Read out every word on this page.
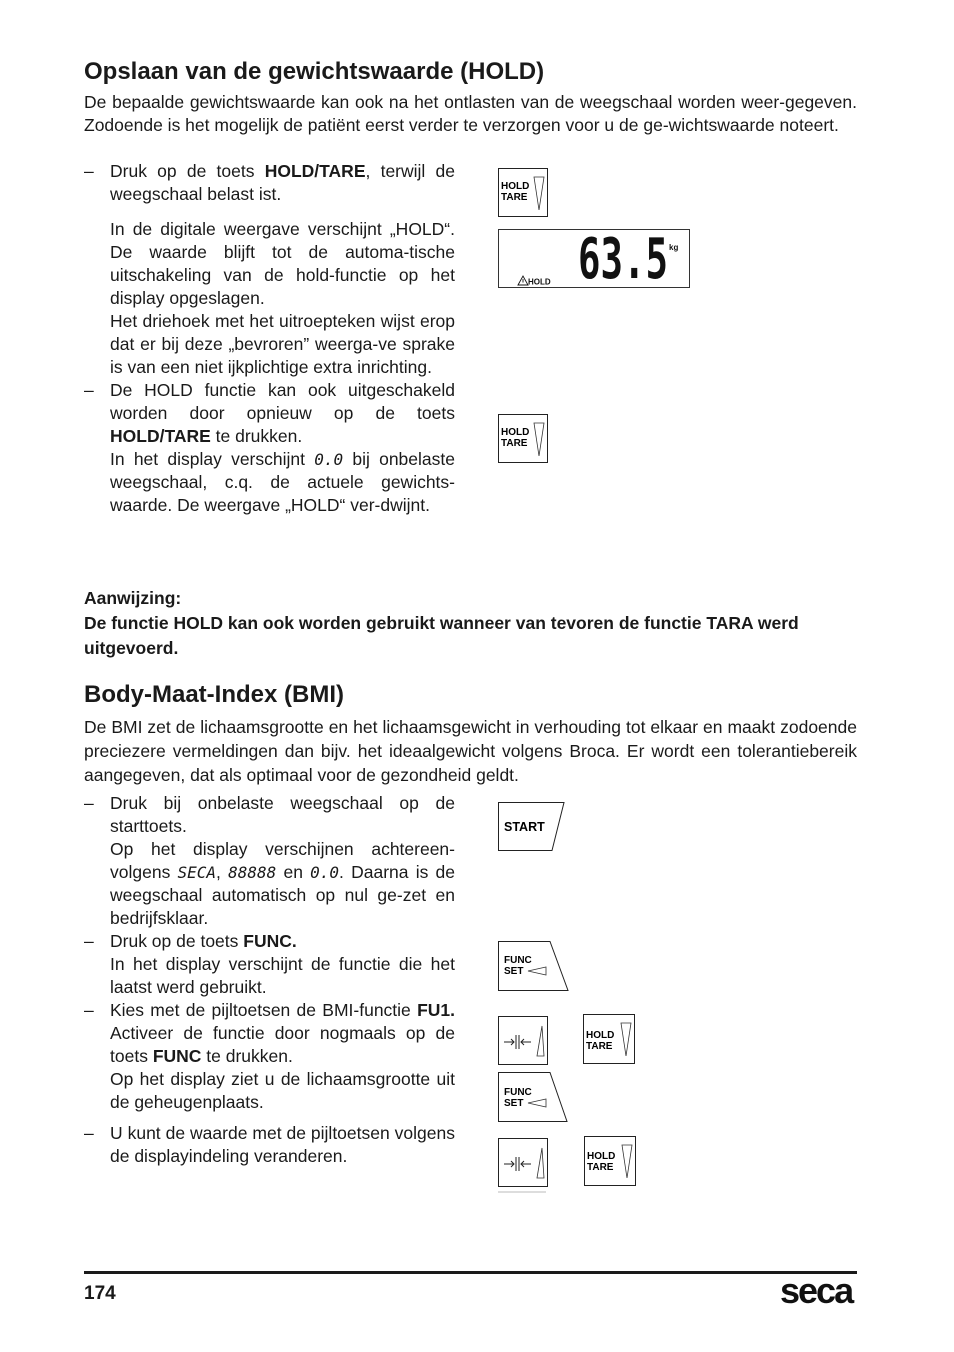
Opslaan van de gewichtswaarde (HOLD)

De bepaalde gewichtswaarde kan ook na het ontlasten van de weegschaal worden weer-gegeven. Zodoende is het mogelijk de patiënt eerst verder te verzorgen voor u de ge-wichtswaarde noteert.

– Druk op de toets HOLD/TARE, terwijl de weegschaal belast ist.

In de digitale weergave verschijnt „HOLD“. De waarde blijft tot de automa-tische uitschakeling van de hold-functie op het display opgeslagen.

Het driehoek met het uitroepteken wijst erop dat er bij deze „bevroren” weerga-ve sprake is van een niet ijkplichtige extra inrichting.

– De HOLD functie kan ook uitgeschakeld worden door opnieuw op de toets HOLD/TARE te drukken.

In het display verschijnt 0.0 bij onbelaste weegschaal, c.q. de actuele gewichts-waarde. De weergave „HOLD“ ver-dwijnt.

HOLD
TARE
63.5 kg
HOLD
HOLD
TARE
Aanwijzing:
De functie HOLD kan ook worden gebruikt wanneer van tevoren de functie TARA werd uitgevoerd.
Body-Maat-Index (BMI)

De BMI zet de lichaamsgrootte en het lichaamsgewicht in verhouding tot elkaar en maakt zodoende preciezere vermeldingen dan bijv. het ideaalgewicht volgens Broca. Er wordt een tolerantiebereik aangegeven, dat als optimaal voor de gezondheid geldt.

– Druk bij onbelaste weegschaal op de starttoets.

Op het display verschijnen achtereen-volgens SECA, 88888 en 0.0. Daarna is de weegschaal automatisch op nul ge-zet en bedrijfsklaar.

– Druk op de toets FUNC.

In het display verschijnt de functie die het laatst werd gebruikt.

– Kies met de pijltoetsen de BMI-functie FU1. Activeer de functie door nogmaals op de toets FUNC te drukken.

Op het display ziet u de lichaamsgrootte uit de geheugenplaats.

– U kunt de waarde met de pijltoetsen volgens de displayindeling veranderen.

START
FUNC
SET
HOLD
TARE
FUNC
SET
HOLD
TARE
174	seca
